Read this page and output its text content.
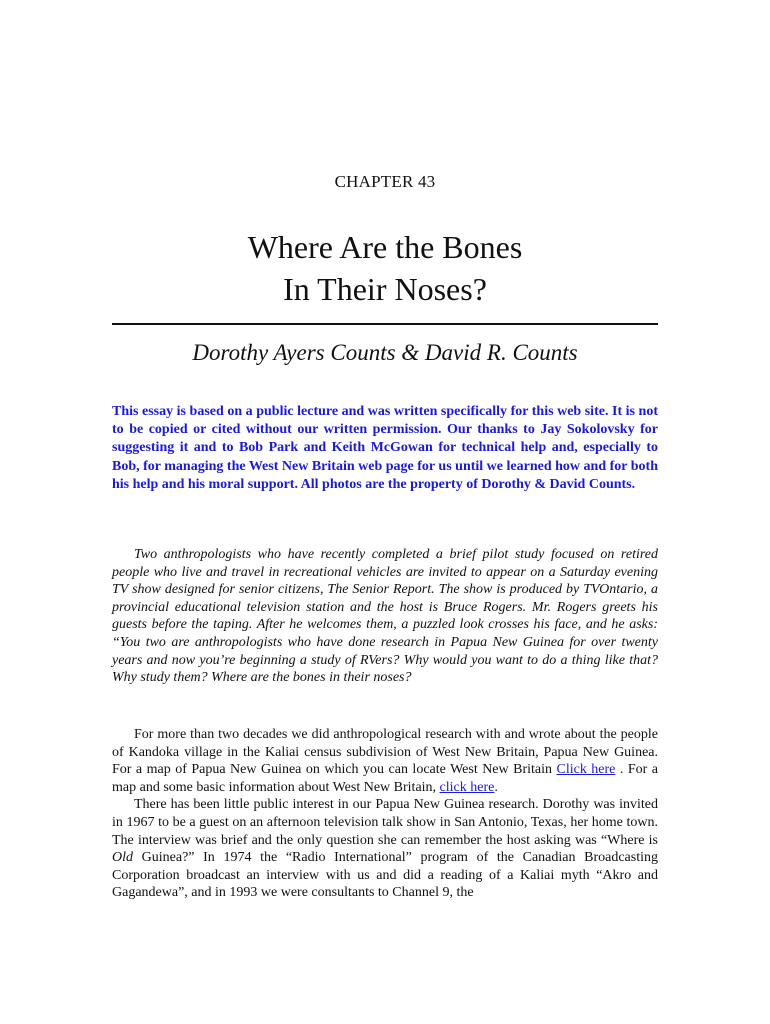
CHAPTER 43
Where Are the Bones
In Their Noses?
Dorothy Ayers Counts & David R. Counts
This essay is based on a public lecture and was written specifically for this web site. It is not to be copied or cited without our written permission. Our thanks to Jay Sokolovsky for suggesting it and to Bob Park and Keith McGowan for technical help and, especially to Bob, for managing the West New Britain web page for us until we learned how and for both his help and his moral support. All photos are the property of Dorothy & David Counts.

Two anthropologists who have recently completed a brief pilot study focused on retired people who live and travel in recreational vehicles are invited to appear on a Saturday evening TV show designed for senior citizens, The Senior Report. The show is produced by TVOntario, a provincial educational television station and the host is Bruce Rogers. Mr. Rogers greets his guests before the taping. After he welcomes them, a puzzled look crosses his face, and he asks: “You two are anthropologists who have done research in Papua New Guinea for over twenty years and now you’re beginning a study of RVers? Why would you want to do a thing like that? Why study them? Where are the bones in their noses?

For more than two decades we did anthropological research with and wrote about the people of Kandoka village in the Kaliai census subdivision of West New Britain, Papua New Guinea. For a map of Papua New Guinea on which you can locate West New Britain Click here . For a map and some basic information about West New Britain, click here.

There has been little public interest in our Papua New Guinea research. Dorothy was invited in 1967 to be a guest on an afternoon television talk show in San Antonio, Texas, her home town. The interview was brief and the only question she can remember the host asking was “Where is Old Guinea?” In 1974 the “Radio International” program of the Canadian Broadcasting Corporation broadcast an interview with us and did a reading of a Kaliai myth “Akro and Gagandewa”, and in 1993 we were consultants to Channel 9, the
